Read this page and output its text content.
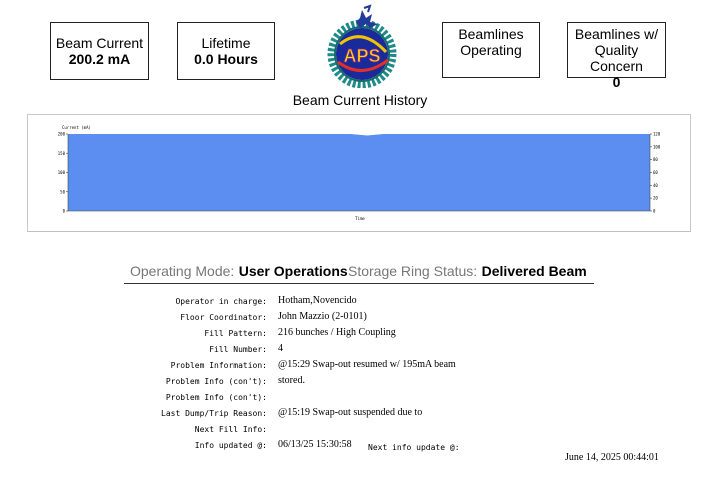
Beam Current
200.2 mA
Lifetime
0.0 Hours
Beamlines
Operating
Beamlines w/
Quality Concern
0
APS
Beam Current History
0
50
100
150
200
0
20
40
60
80
100
120
Current (mA)
Time
Operating Mode: User Operations Storage Ring Status: Delivered Beam
Operator in charge: Hotham,Novencido
Floor Coordinator: John Mazzio (2-0101)
Fill Pattern: 216 bunches / High Coupling
Fill Number: 4
Problem Information: @15:29 Swap-out resumed w/ 195mA beam
Problem Info (con't): stored.
Problem Info (con't):
Last Dump/Trip Reason: @15:19 Swap-out suspended due to
Next Fill Info:
Info updated @: 06/13/25 15:30:58 Next info update @:
June 14, 2025 00:44:01
